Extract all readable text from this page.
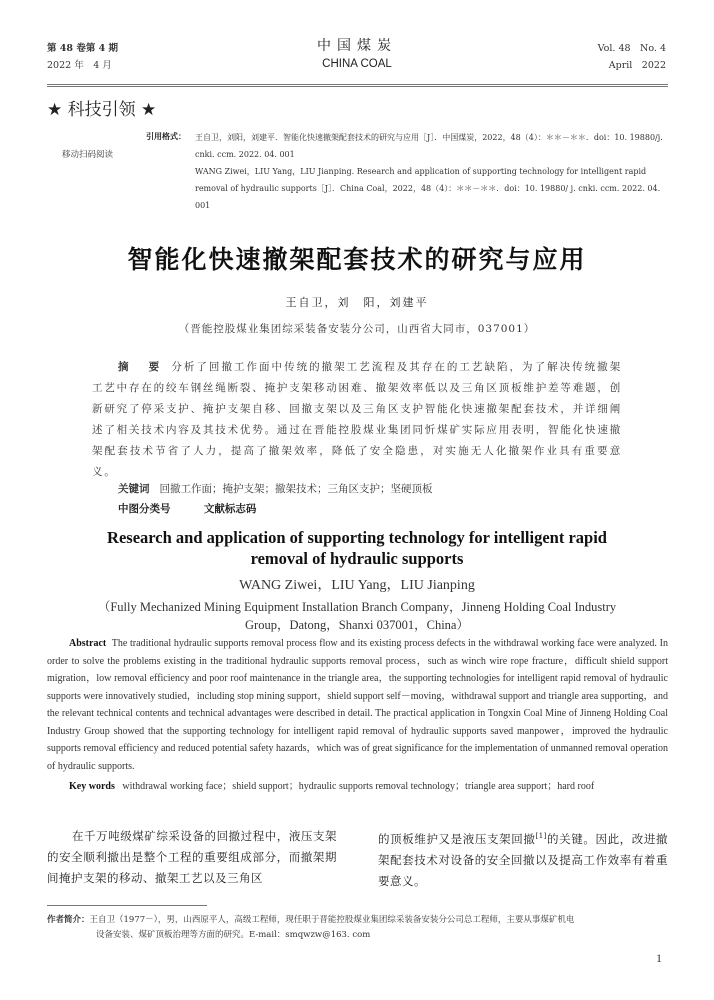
第 48 卷第 4 期
2022 年　4 月
中国煤炭
CHINA COAL
Vol. 48　No. 4
April　2022
★ 科技引领 ★
移动扫码阅读
引用格式： 王自卫，刘阳，刘建平．智能化快速撤架配套技术的研究与应用［J］．中国煤炭，2022，48（4）：＊＊－＊＊．doi：10. 19880/j. cnki. ccm. 2022. 04. 001
WANG Ziwei，LIU Yang，LIU Jianping. Research and application of supporting technology for intelligent rapid removal of hydraulic supports［J］．China Coal，2022，48（4）：＊＊－＊＊．doi：10. 19880/ j. cnki. ccm. 2022. 04. 001
智能化快速撤架配套技术的研究与应用
王自卫，刘　阳，刘建平
（晋能控股煤业集团综采装备安装分公司，山西省大同市，037001）
摘 要 分析了回撤工作面中传统的撤架工艺流程及其存在的工艺缺陷，为了解决传统撤架工艺中存在的绞车钢丝绳断裂、掩护支架移动困难、撤架效率低以及三角区顶板维护差等难题，创新研究了停采支护、掩护支架自移、回撤支架以及三角区支护智能化快速撤架配套技术，并详细阐述了相关技术内容及其技术优势。通过在晋能控股煤业集团同忻煤矿实际应用表明，智能化快速撤架配套技术节省了人力，提高了撤架效率，降低了安全隐患，对实施无人化撤架作业具有重要意义。
关键词 回撤工作面；掩护支架；撤架技术；三角区支护；坚硬顶板
中图分类号	文献标志码
Research and application of supporting technology for intelligent rapid removal of hydraulic supports
WANG Ziwei，LIU Yang，LIU Jianping
（Fully Mechanized Mining Equipment Installation Branch Company，Jinneng Holding Coal Industry Group，Datong，Shanxi 037001，China）
Abstract The traditional hydraulic supports removal process flow and its existing process defects in the withdrawal working face were analyzed. In order to solve the problems existing in the traditional hydraulic supports removal process，such as winch wire rope fracture，difficult shield support migration，low removal efficiency and poor roof maintenance in the triangle area，the supporting technologies for intelligent rapid removal of hydraulic supports were innovatively studied，including stop mining support，shield support self－moving，withdrawal support and triangle area supporting，and the relevant technical contents and technical advantages were described in detail. The practical application in Tongxin Coal Mine of Jinneng Holding Coal Industry Group showed that the supporting technology for intelligent rapid removal of hydraulic supports saved manpower，improved the hydraulic supports removal efficiency and reduced potential safety hazards，which was of great significance for the implementation of unmanned removal operation of hydraulic supports.
Key words withdrawal working face；shield support；hydraulic supports removal technology；triangle area support；hard roof
在千万吨级煤矿综采设备的回撤过程中，液压支架的安全顺利撤出是整个工程的重要组成部分，而撤架期间掩护支架的移动、撤架工艺以及三角区
的顶板维护又是液压支架回撤[1]的关键。因此，改进撤架配套技术对设备的安全回撤以及提高工作效率有着重要意义。
作者简介：王自卫（1977－），男，山西原平人，高级工程师，现任职于晋能控股煤业集团综采装备安装分公司总工程师，主要从事煤矿机电
设备安装、煤矿顶板治理等方面的研究。E-mail：smqwzw@163. com
1
